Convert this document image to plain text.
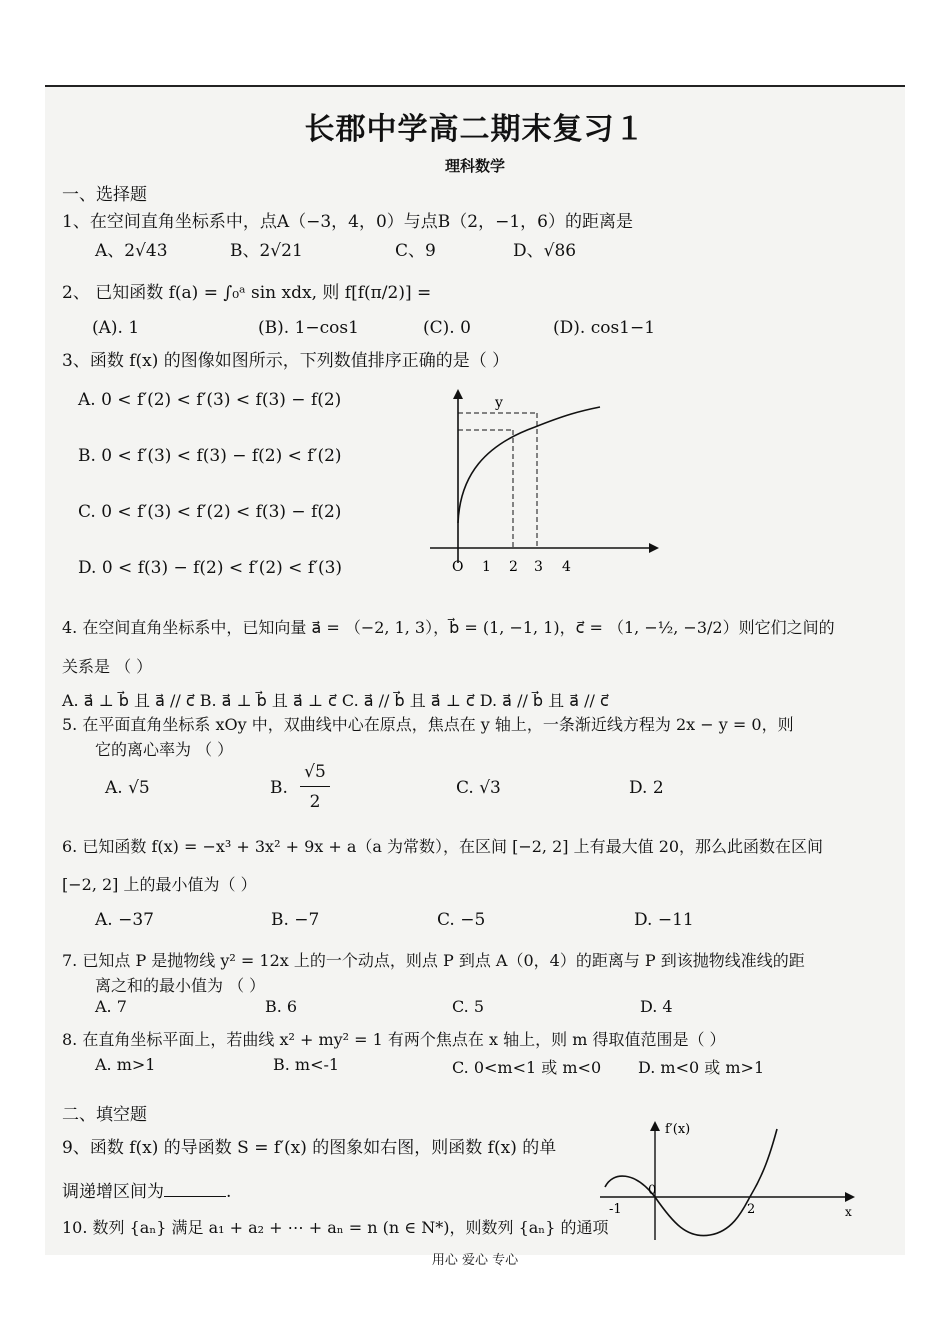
长郡中学高二期末复习１
理科数学
一、选择题
1、在空间直角坐标系中，点A（−3，4，0）与点B（2，−1，6）的距离是
A、2√43	B、2√21	C、9	D、√86
2、 已知函数 f(a) = ∫₀ᵃ sin xdx, 则 f[f(π/2)] =
(A). 1	(B). 1−cos1	(C). 0	(D). cos1−1
3、函数 f(x) 的图像如图所示，下列数值排序正确的是（ ）
A. 0 < f′(2) < f′(3) < f(3) − f(2)
B. 0 < f′(3) < f(3) − f(2) < f′(2)
C. 0 < f′(3) < f′(2) < f(3) − f(2)
D. 0 < f(3) − f(2) < f′(2) < f′(3)
y
O 1 2 3 4
4. 在空间直角坐标系中，已知向量 a⃗ = （−2, 1, 3），b⃗ = (1, −1, 1)，c⃗ = （1, −½, −3/2）则它们之间的
关系是 （ ）
A. a⃗ ⊥ b⃗ 且 a⃗ // c⃗ B. a⃗ ⊥ b⃗ 且 a⃗ ⊥ c⃗ C. a⃗ // b⃗ 且 a⃗ ⊥ c⃗ D. a⃗ // b⃗ 且 a⃗ // c⃗
5. 在平面直角坐标系 xOy 中，双曲线中心在原点，焦点在 y 轴上，一条渐近线方程为 2x − y = 0，则
它的离心率为 （ ）
A. √5	B.
√5
2
C. √3	D. 2
6. 已知函数 f(x) = −x³ + 3x² + 9x + a（a 为常数），在区间 [−2, 2] 上有最大值 20，那么此函数在区间
[−2, 2] 上的最小值为（ ）
A. −37	B. −7	C. −5	D. −11
7. 已知点 P 是抛物线 y² = 12x 上的一个动点，则点 P 到点 A（0，4）的距离与 P 到该抛物线准线的距
离之和的最小值为 （ ）
A. 7	B. 6	C. 5	D. 4
8. 在直角坐标平面上，若曲线 x² + my² = 1 有两个焦点在 x 轴上，则 m 得取值范围是（ ）
A. m>1	B. m<-1	C. 0<m<1 或 m<0 D. m<0 或 m>1
二、填空题
9、函数 f(x) 的导函数 S = f′(x) 的图象如右图，则函数 f(x) 的单
调递增区间为	.
f′(x)
x
-1
0
2
10. 数列 {aₙ} 满足 a₁ + a₂ + ⋯ + aₙ = n (n ∈ N*)，则数列 {aₙ} 的通项
用心 爱心 专心
